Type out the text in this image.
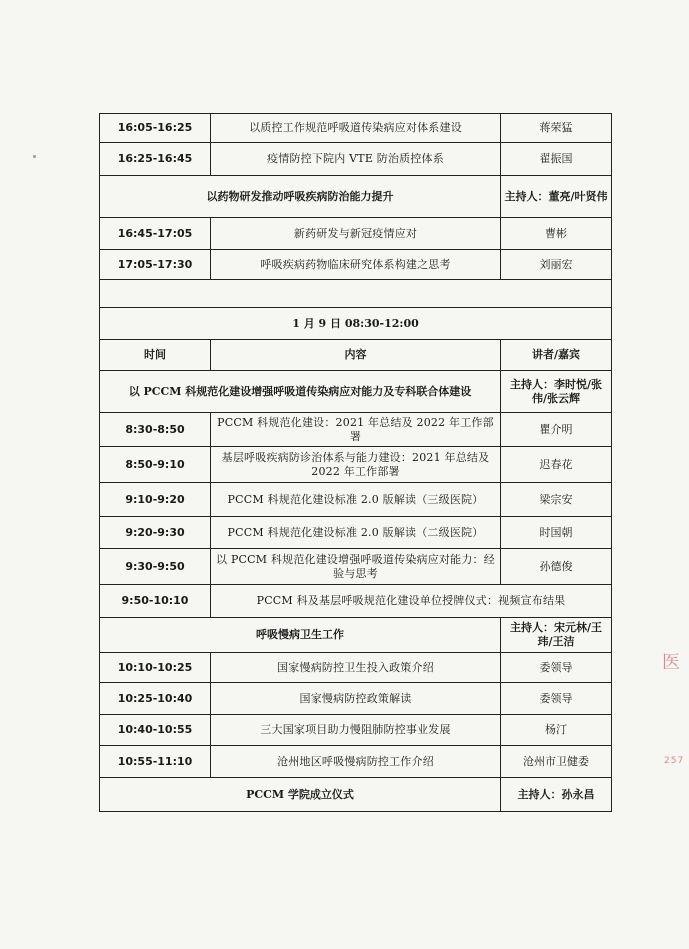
16:05-16:25	以质控工作规范呼吸道传染病应对体系建设	蒋荣猛
16:25-16:45	疫情防控下院内 VTE 防治质控体系	翟振国
以药物研发推动呼吸疾病防治能力提升		主持人：董亮/叶贤伟
16:45-17:05	新药研发与新冠疫情应对	曹彬
17:05-17:30	呼吸疾病药物临床研究体系构建之思考	刘丽宏

1 月 9 日 08:30-12:00		
时间	内容	讲者/嘉宾
以 PCCM 科规范化建设增强呼吸道传染病应对能力及专科联合体建设		主持人：李时悦/张伟/张云辉
8:30-8:50	PCCM 科规范化建设：2021 年总结及 2022 年工作部署	瞿介明
8:50-9:10	基层呼吸疾病防诊治体系与能力建设：2021 年总结及 2022 年工作部署	迟春花
9:10-9:20	PCCM 科规范化建设标准 2.0 版解读（三级医院）	梁宗安
9:20-9:30	PCCM 科规范化建设标准 2.0 版解读（二级医院）	时国朝
9:30-9:50	以 PCCM 科规范化建设增强呼吸道传染病应对能力：经验与思考	孙德俊
9:50-10:10	PCCM 科及基层呼吸规范化建设单位授牌仪式：视频宣布结果	
呼吸慢病卫生工作		主持人：宋元林/王玮/王洁
10:10-10:25	国家慢病防控卫生投入政策介绍	委领导
10:25-10:40	国家慢病防控政策解读	委领导
10:40-10:55	三大国家项目助力慢阻肺防控事业发展	杨汀
10:55-11:10	沧州地区呼吸慢病防控工作介绍	沧州市卫健委
PCCM 学院成立仪式		主持人：孙永昌
医
257
